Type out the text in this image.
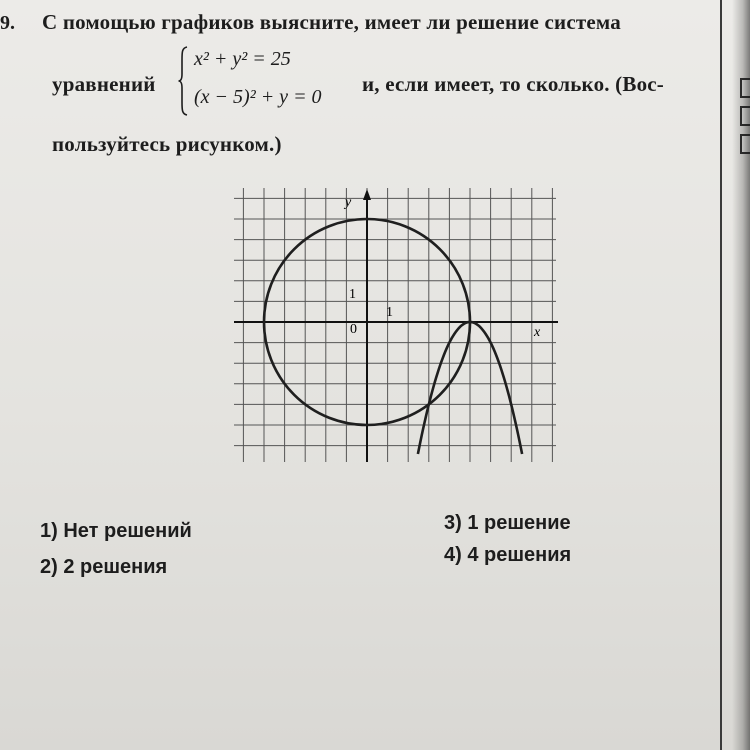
9. С помощью графиков выясните, имеет ли решение система
уравнений
x² + y² = 25
(x − 5)² + y = 0
и, если имеет, то сколько. (Вос-
пользуйтесь рисунком.)
y
x
0
1
1
1) Нет решений
2) 2 решения
3) 1 решение
4) 4 решения
